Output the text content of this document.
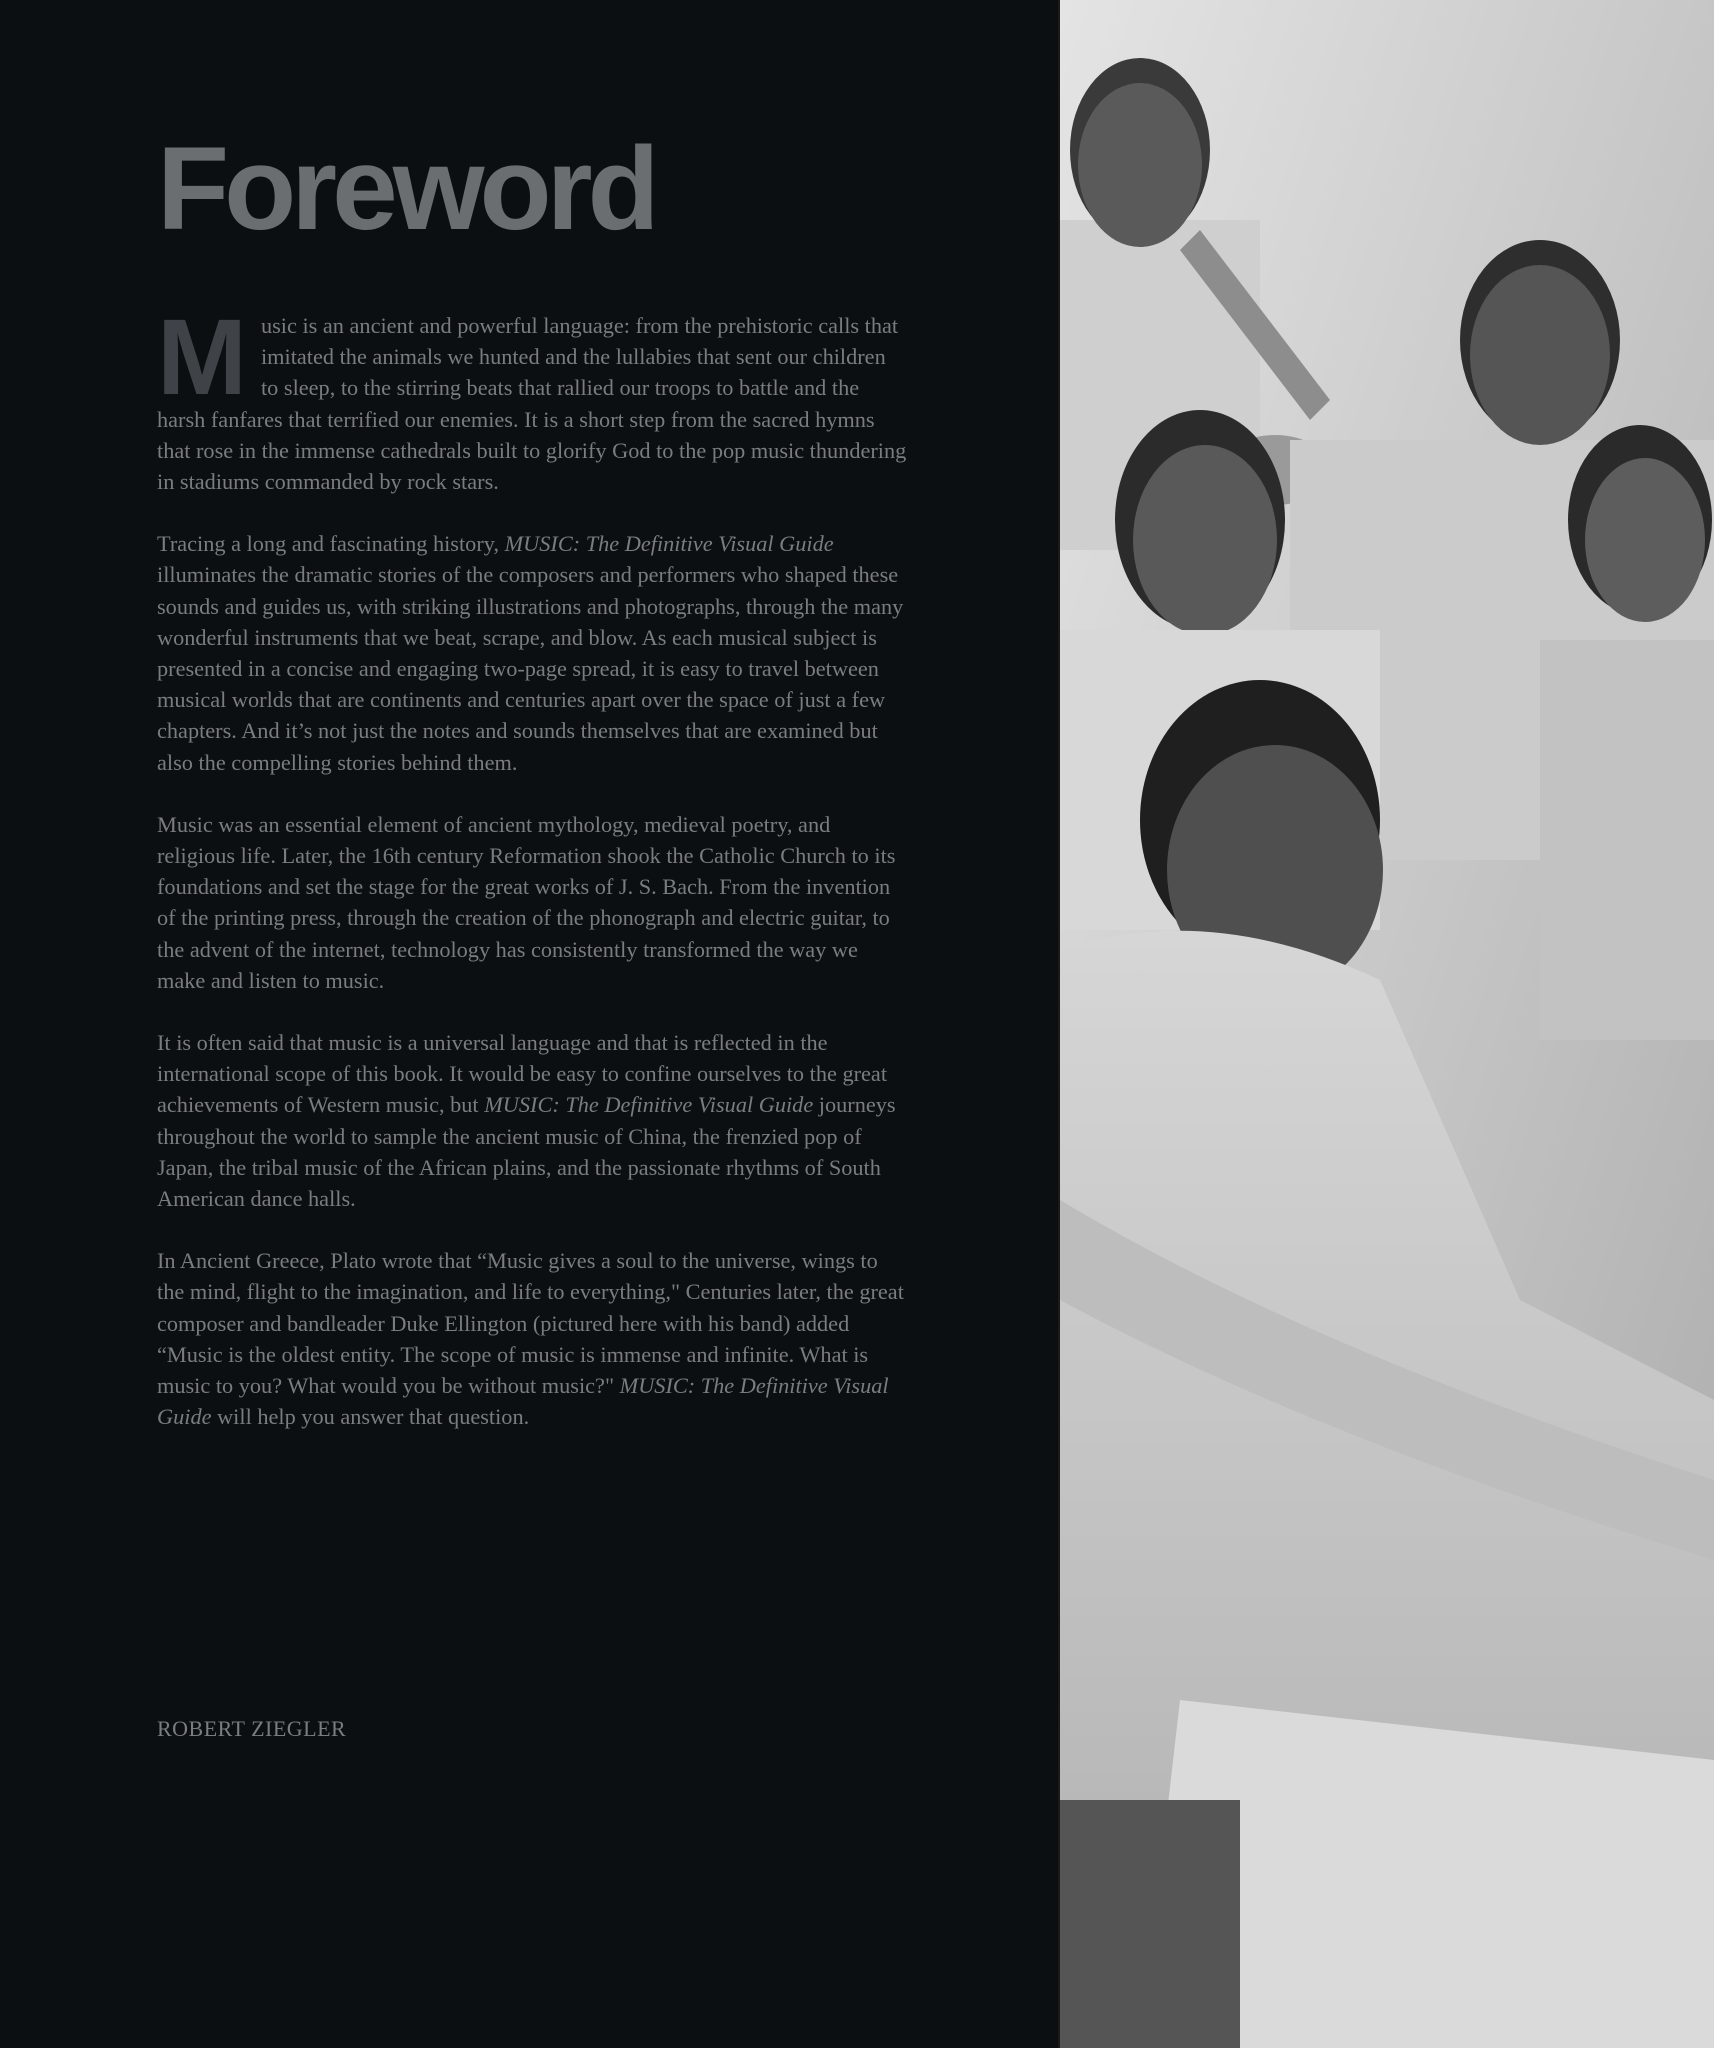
Foreword

M usic is an ancient and powerful language: from the prehistoric calls that imitated the animals we hunted and the lullabies that sent our children to sleep, to the stirring beats that rallied our troops to battle and the harsh fanfares that terrified our enemies. It is a short step from the sacred hymns that rose in the immense cathedrals built to glorify God to the pop music thundering in stadiums commanded by rock stars.

Tracing a long and fascinating history, MUSIC: The Definitive Visual Guide illuminates the dramatic stories of the composers and performers who shaped these sounds and guides us, with striking illustrations and photographs, through the many wonderful instruments that we beat, scrape, and blow. As each musical subject is presented in a concise and engaging two-page spread, it is easy to travel between musical worlds that are continents and centuries apart over the space of just a few chapters. And it’s not just the notes and sounds themselves that are examined but also the compelling stories behind them.

Music was an essential element of ancient mythology, medieval poetry, and religious life. Later, the 16th century Reformation shook the Catholic Church to its foundations and set the stage for the great works of J. S. Bach. From the invention of the printing press, through the creation of the phonograph and electric guitar, to the advent of the internet, technology has consistently transformed the way we make and listen to music.

It is often said that music is a universal language and that is reflected in the international scope of this book. It would be easy to confine ourselves to the great achievements of Western music, but MUSIC: The Definitive Visual Guide journeys throughout the world to sample the ancient music of China, the frenzied pop of Japan, the tribal music of the African plains, and the passionate rhythms of South American dance halls.

In Ancient Greece, Plato wrote that “Music gives a soul to the universe, wings to the mind, flight to the imagination, and life to everything," Centuries later, the great composer and bandleader Duke Ellington (pictured here with his band) added “Music is the oldest entity. The scope of music is immense and infinite. What is music to you? What would you be without music?" MUSIC: The Definitive Visual Guide will help you answer that question.

ROBERT ZIEGLER
